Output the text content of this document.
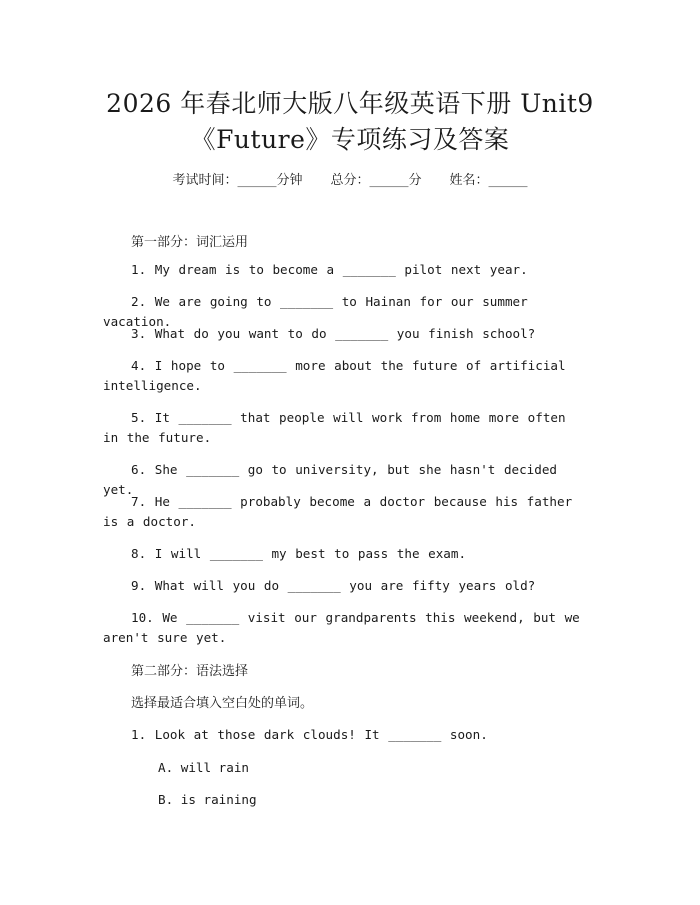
2026 年春北师大版八年级英语下册 Unit9
《Future》专项练习及答案
考试时间：______分钟 总分：______分 姓名：______
第一部分：词汇运用
1. My dream is to become a _______ pilot next year.
2. We are going to _______ to Hainan for our summer vacation.
3. What do you want to do _______ you finish school?
4. I hope to _______ more about the future of artificial intelligence.
5. It _______ that people will work from home more often in the future.
6. She _______ go to university, but she hasn't decided yet.
7. He _______ probably become a doctor because his father is a doctor.
8. I will _______ my best to pass the exam.
9. What will you do _______ you are fifty years old?
10. We _______ visit our grandparents this weekend, but we aren't sure yet.
第二部分：语法选择
选择最适合填入空白处的单词。
1. Look at those dark clouds! It _______ soon.
A. will rain
B. is raining
